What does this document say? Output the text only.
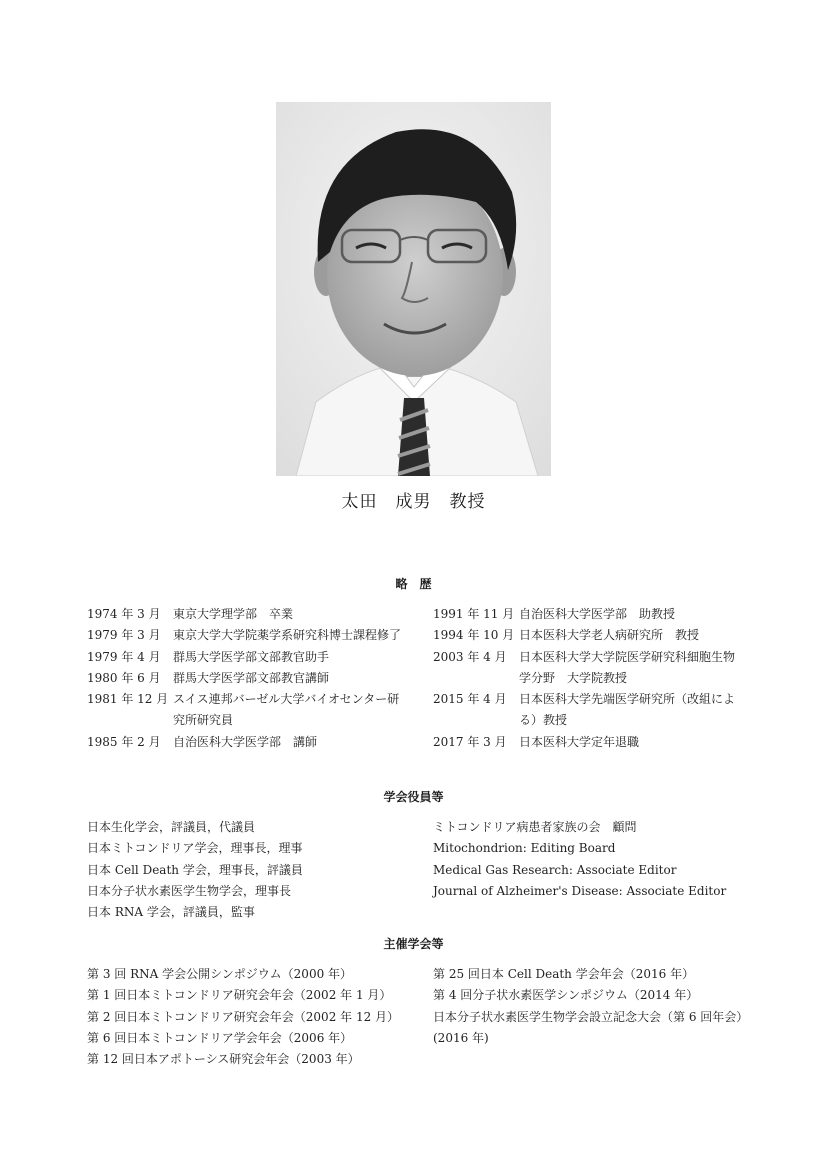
太田　成男　教授
略　歴
1974 年 3 月	東京大学理学部　卒業
1979 年 3 月	東京大学大学院薬学系研究科博士課程修了
1979 年 4 月	群馬大学医学部文部教官助手
1980 年 6 月	群馬大学医学部文部教官講師
1981 年 12 月 スイス連邦バーゼル大学バイオセンター研究所研究員
1985 年 2 月	自治医科大学医学部　講師
1991 年 11 月 自治医科大学医学部　助教授
1994 年 10 月 日本医科大学老人病研究所　教授
2003 年 4 月	日本医科大学大学院医学研究科細胞生物学分野　大学院教授
2015 年 4 月	日本医科大学先端医学研究所（改組による）教授
2017 年 3 月	日本医科大学定年退職
学会役員等
日本生化学会，評議員，代議員
日本ミトコンドリア学会，理事長，理事
日本 Cell Death 学会，理事長，評議員
日本分子状水素医学生物学会，理事長
日本 RNA 学会，評議員，監事
ミトコンドリア病患者家族の会　顧問
Mitochondrion: Editing Board
Medical Gas Research: Associate Editor
Journal of Alzheimer's Disease: Associate Editor
主催学会等
第 3 回 RNA 学会公開シンポジウム（2000 年）
第 1 回日本ミトコンドリア研究会年会（2002 年 1 月）
第 2 回日本ミトコンドリア研究会年会（2002 年 12 月）
第 6 回日本ミトコンドリア学会年会（2006 年）
第 12 回日本アポトーシス研究会年会（2003 年）
第 25 回日本 Cell Death 学会年会（2016 年）
第 4 回分子状水素医学シンポジウム（2014 年）
日本分子状水素医学生物学会設立記念大会（第 6 回年会）(2016 年)
